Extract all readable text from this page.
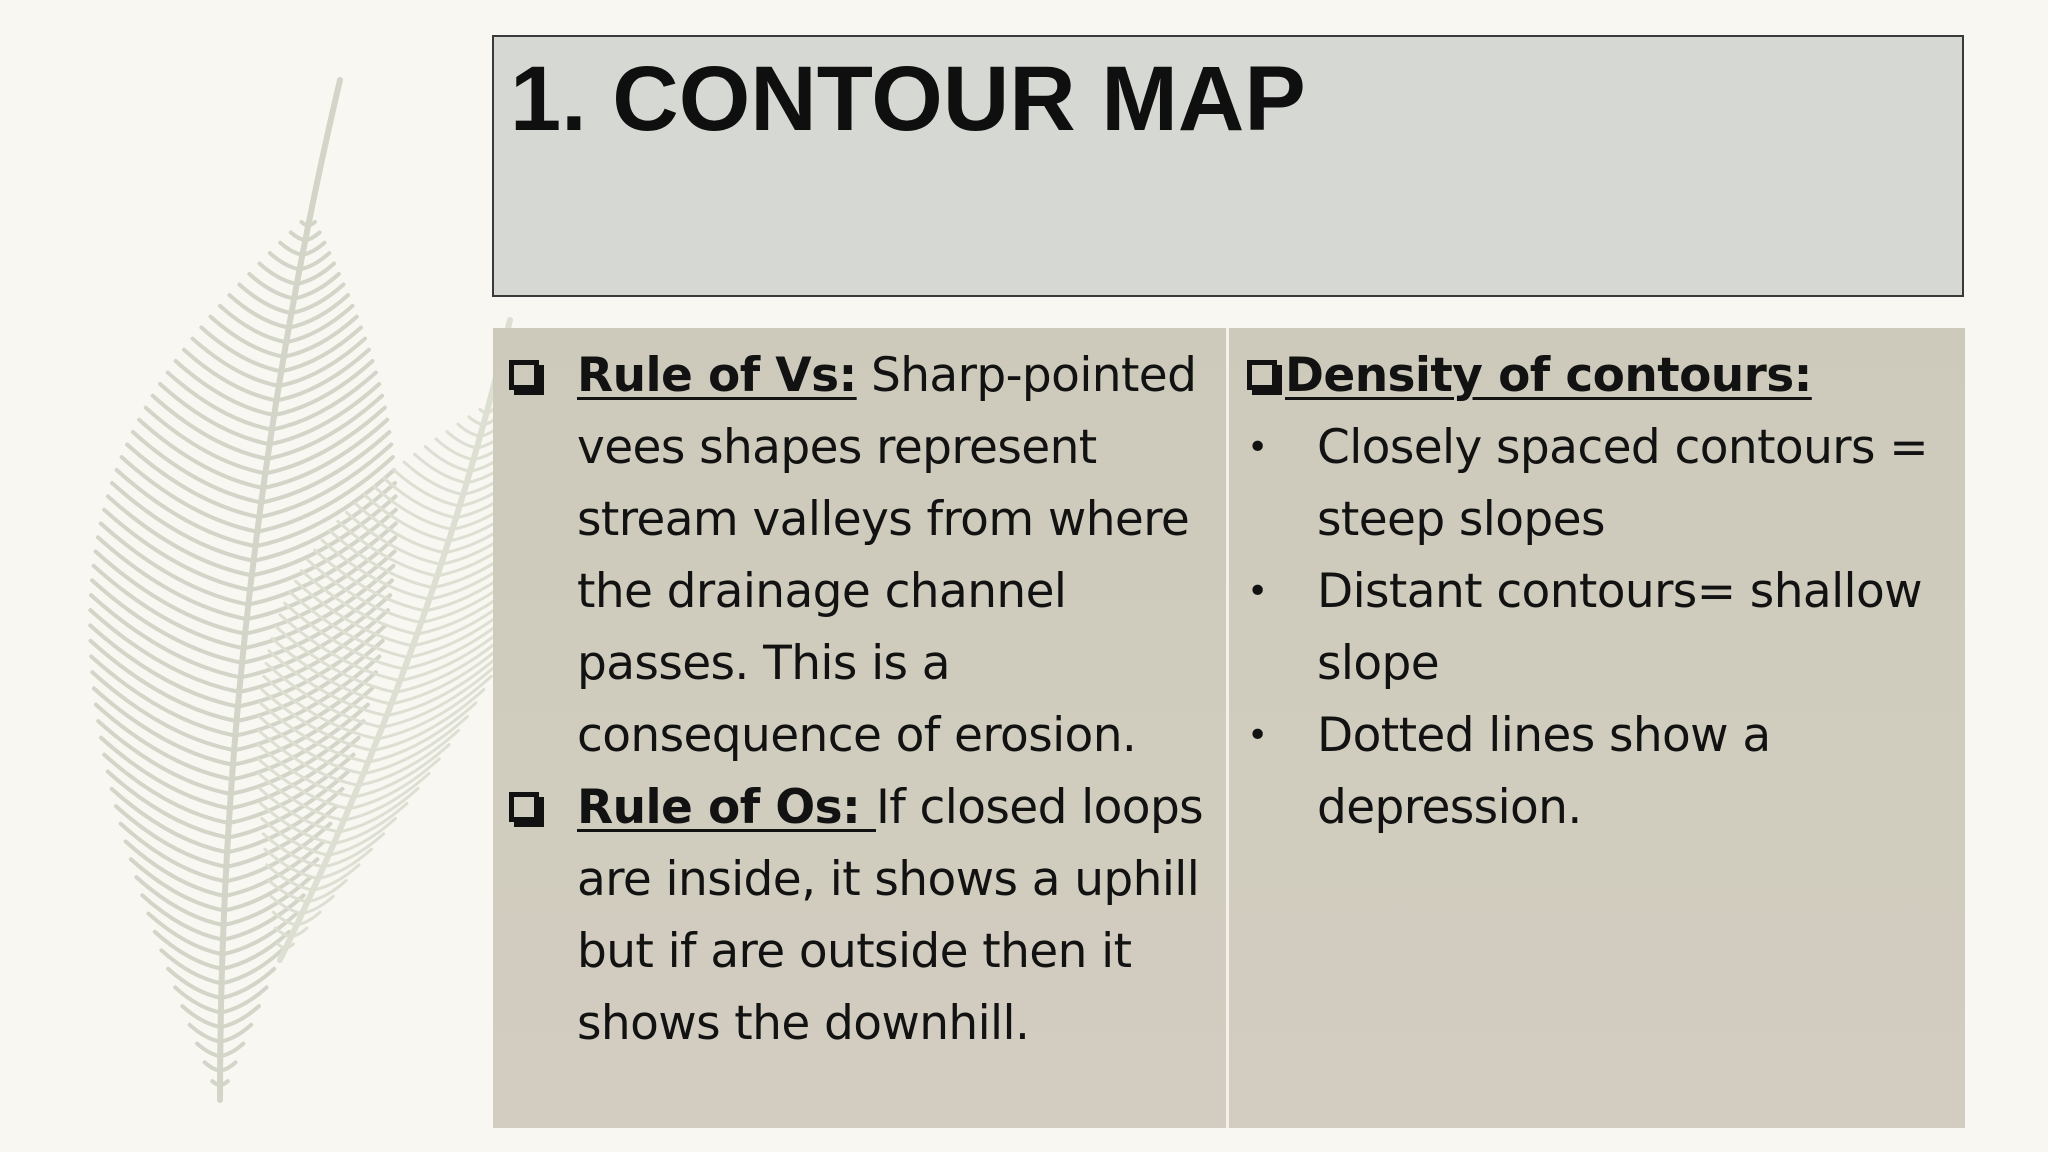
1. CONTOUR MAP
Rule of Vs: Sharp-pointed vees shapes represent stream valleys from where the drainage channel passes. This is a consequence of erosion.
Rule of Os: If closed loops are inside, it shows a uphill but if are outside then it shows the downhill.
Density of contours:
•	Closely spaced contours = steep slopes
•	Distant contours= shallow slope
•	Dotted lines show a depression.
